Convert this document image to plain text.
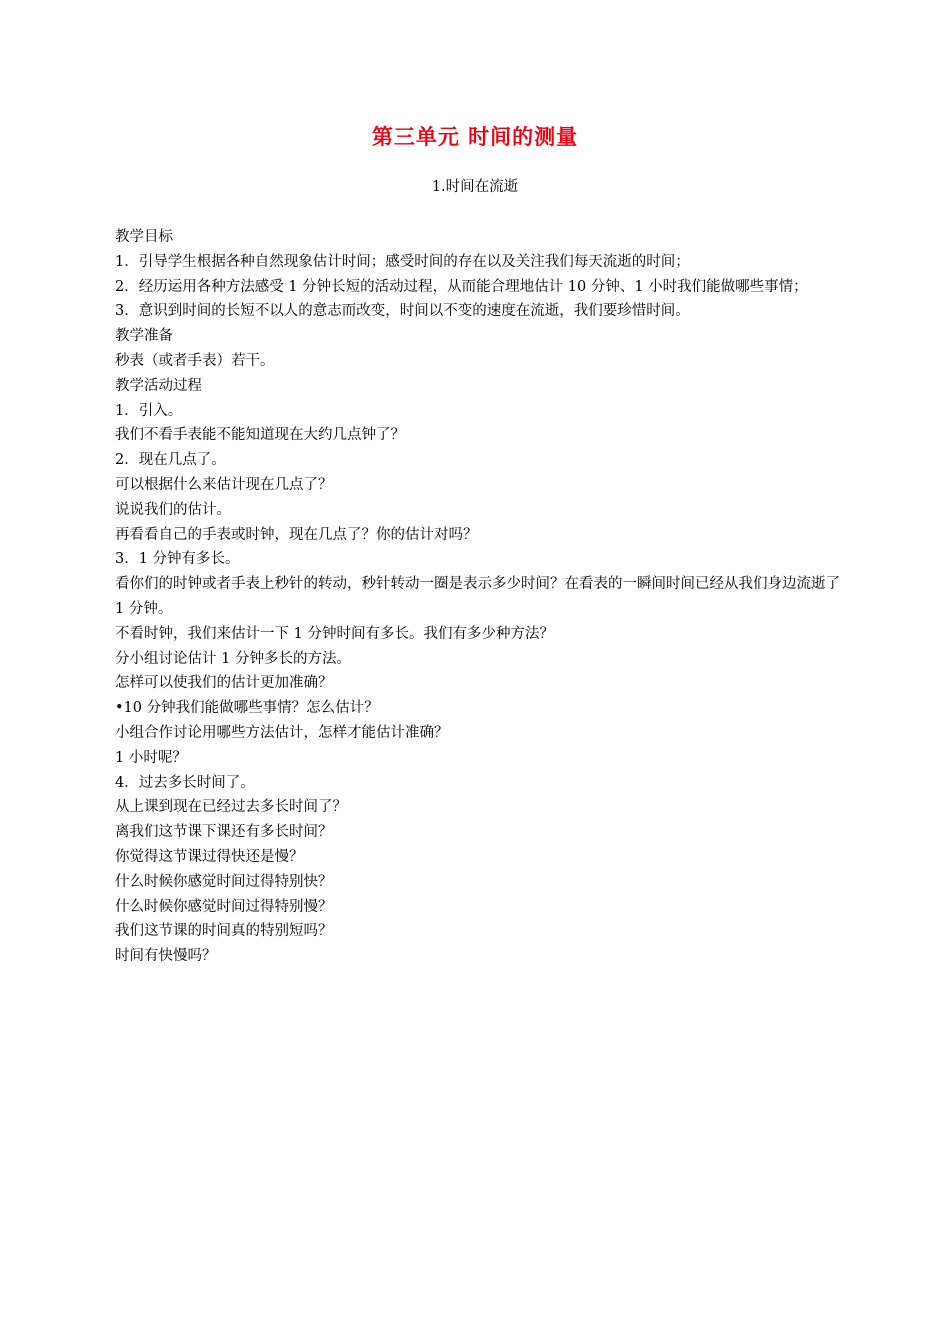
第三单元 时间的测量
1.时间在流逝

教学目标

1．引导学生根据各种自然现象估计时间；感受时间的存在以及关注我们每天流逝的时间；

2．经历运用各种方法感受 1 分钟长短的活动过程，从而能合理地估计 10 分钟、1 小时我们能做哪些事情；

3．意识到时间的长短不以人的意志而改变，时间以不变的速度在流逝，我们要珍惜时间。

教学准备

秒表（或者手表）若干。

教学活动过程

1．引入。

我们不看手表能不能知道现在大约几点钟了？

2．现在几点了。

可以根据什么来估计现在几点了？

说说我们的估计。

再看看自己的手表或时钟，现在几点了？你的估计对吗？

3．1 分钟有多长。

看你们的时钟或者手表上秒针的转动，秒针转动一圈是表示多少时间？在看表的一瞬间时间已经从我们身边流逝了 1 分钟。

不看时钟，我们来估计一下 1 分钟时间有多长。我们有多少种方法？

分小组讨论估计 1 分钟多长的方法。

怎样可以使我们的估计更加准确？

•10 分钟我们能做哪些事情？怎么估计？

小组合作讨论用哪些方法估计，怎样才能估计准确？

1 小时呢？

4．过去多长时间了。

从上课到现在已经过去多长时间了？

离我们这节课下课还有多长时间？

你觉得这节课过得快还是慢？

什么时候你感觉时间过得特别快？

什么时候你感觉时间过得特别慢？

我们这节课的时间真的特别短吗？

时间有快慢吗？
